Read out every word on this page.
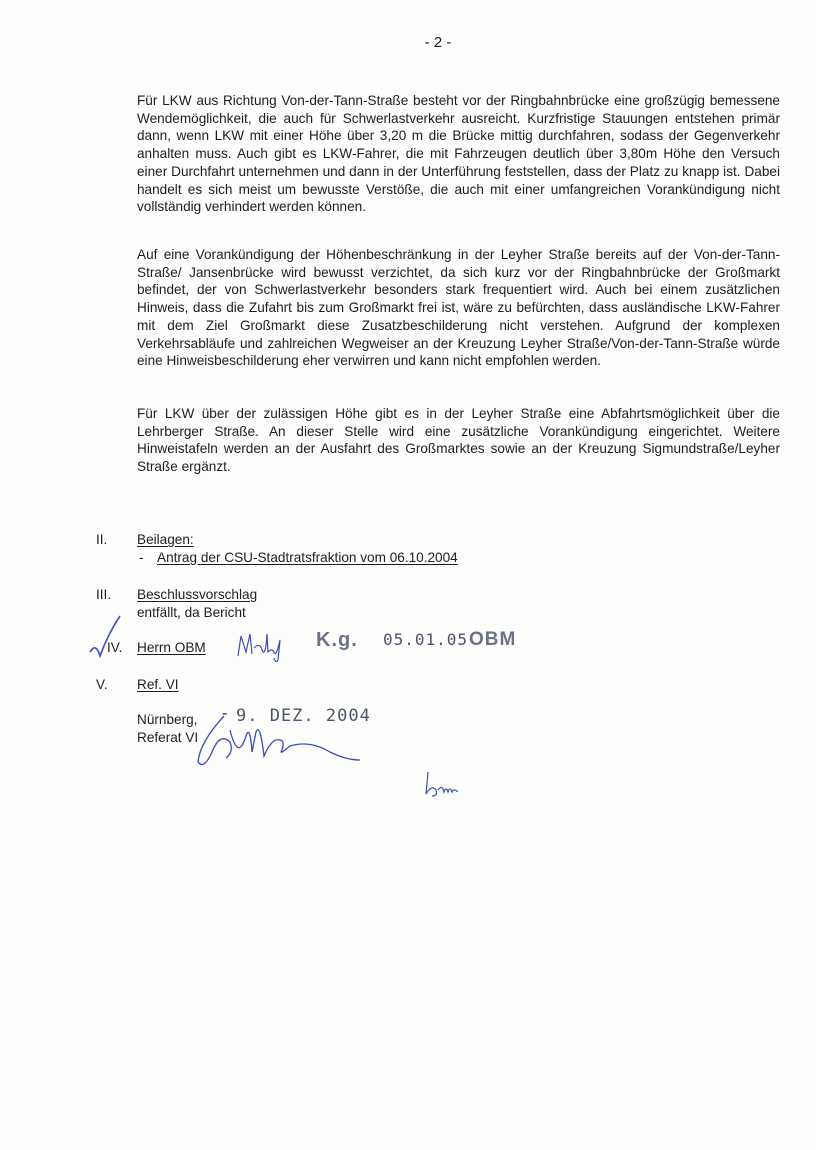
- 2 -

Für LKW aus Richtung Von-der-Tann-Straße besteht vor der Ringbahnbrücke eine großzügig bemessene Wendemöglichkeit, die auch für Schwerlastverkehr ausreicht. Kurzfristige Stauungen entstehen primär dann, wenn LKW mit einer Höhe über 3,20 m die Brücke mittig durchfahren, sodass der Gegenverkehr anhalten muss. Auch gibt es LKW-Fahrer, die mit Fahrzeugen deutlich über 3,80m Höhe den Versuch einer Durchfahrt unternehmen und dann in der Unterführung feststellen, dass der Platz zu knapp ist. Dabei handelt es sich meist um bewusste Verstöße, die auch mit einer umfangreichen Vorankündigung nicht vollständig verhindert werden können.

Auf eine Vorankündigung der Höhenbeschränkung in der Leyher Straße bereits auf der Von-der-Tann-Straße/ Jansenbrücke wird bewusst verzichtet, da sich kurz vor der Ringbahnbrücke der Großmarkt befindet, der von Schwerlastverkehr besonders stark frequentiert wird. Auch bei einem zusätzlichen Hinweis, dass die Zufahrt bis zum Großmarkt frei ist, wäre zu befürchten, dass ausländische LKW-Fahrer mit dem Ziel Großmarkt diese Zusatzbeschilderung nicht verstehen. Aufgrund der komplexen Verkehrsabläufe und zahlreichen Wegweiser an der Kreuzung Leyher Straße/Von-der-Tann-Straße würde eine Hinweisbeschilderung eher verwirren und kann nicht empfohlen werden.

Für LKW über der zulässigen Höhe gibt es in der Leyher Straße eine Abfahrtsmöglichkeit über die Lehrberger Straße. An dieser Stelle wird eine zusätzliche Vorankündigung eingerichtet. Weitere Hinweistafeln werden an der Ausfahrt des Großmarktes sowie an der Kreuzung Sigmundstraße/Leyher Straße ergänzt.

II. Beilagen:
- Antrag der CSU-Stadtratsfraktion vom 06.10.2004
III. Beschlussvorschlag
entfällt, da Bericht
IV. Herrn OBM	K.g. 05.01.05 OBM
V. Ref. VI
Nürnberg, - 9. DEZ. 2004
Referat VI
